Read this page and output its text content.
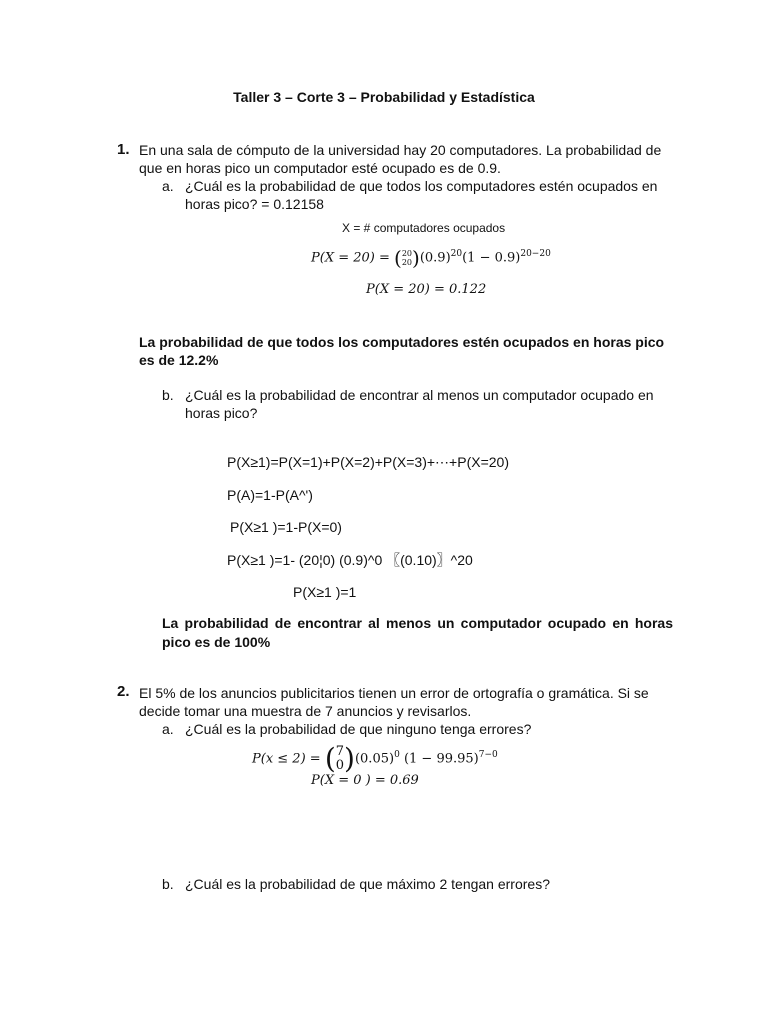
Taller 3 – Corte 3 – Probabilidad y Estadística
1. En una sala de cómputo de la universidad hay 20 computadores. La probabilidad de
que en horas pico un computador esté ocupado es de 0.9.
a. ¿Cuál es la probabilidad de que todos los computadores estén ocupados en
horas pico? = 0.12158
X = # computadores ocupados
P(X = 20) = (20
$20)(0.9)^{20}(1 - 0.9)^{20-20}$
P(X = 20) = 0.122
La probabilidad de que todos los computadores estén ocupados en horas pico
es de 12.2%
b. ¿Cuál es la probabilidad de encontrar al menos un computador ocupado en
horas pico?
P(X≥1)=P(X=1)+P(X=2)+P(X=3)+⋯+P(X=20)
P(A)=1-P(A^')
P(X≥1 )=1-P(X=0)
P(X≥1 )=1- (20¦0) (0.9)^0 〖(0.10)〗^20
P(X≥1 )=1
La probabilidad de encontrar al menos un computador ocupado en horas
pico es de 100%
2. El 5% de los anuncios publicitarios tienen un error de ortografía o gramática. Si se
decide tomar una muestra de 7 anuncios y revisarlos.
a. ¿Cuál es la probabilidad de que ninguno tenga errores?
P(x ≤ 2) = (7
$0)(0.05)^0$ $(1 - 99.95)^{7-0}$
P(X = 0 ) = 0.69
b. ¿Cuál es la probabilidad de que máximo 2 tengan errores?
